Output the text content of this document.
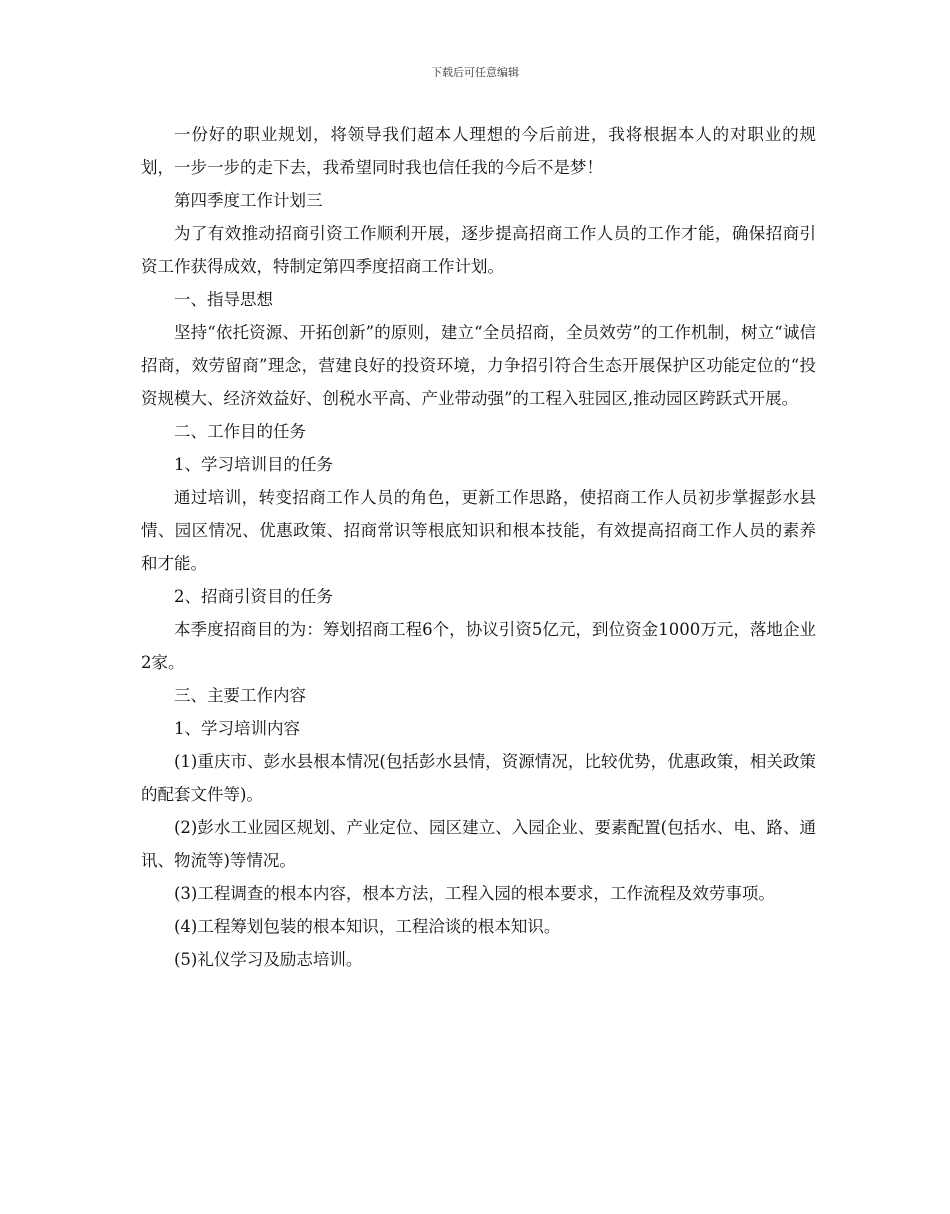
下载后可任意编辑

一份好的职业规划，将领导我们超本人理想的今后前进，我将根据本人的对职业的规划，一步一步的走下去，我希望同时我也信任我的今后不是梦！

第四季度工作计划三

为了有效推动招商引资工作顺利开展，逐步提高招商工作人员的工作才能，确保招商引资工作获得成效，特制定第四季度招商工作计划。

一、指导思想

坚持“依托资源、开拓创新”的原则，建立“全员招商，全员效劳”的工作机制，树立“诚信招商，效劳留商”理念，营建良好的投资环境，力争招引符合生态开展保护区功能定位的“投资规模大、经济效益好、创税水平高、产业带动强”的工程入驻园区,推动园区跨跃式开展。

二、工作目的任务

1、学习培训目的任务

通过培训，转变招商工作人员的角色，更新工作思路，使招商工作人员初步掌握彭水县情、园区情况、优惠政策、招商常识等根底知识和根本技能，有效提高招商工作人员的素养和才能。

2、招商引资目的任务

本季度招商目的为：筹划招商工程6个，协议引资5亿元，到位资金1000万元，落地企业2家。

三、主要工作内容

1、学习培训内容

(1)重庆市、彭水县根本情况(包括彭水县情，资源情况，比较优势，优惠政策，相关政策的配套文件等)。

(2)彭水工业园区规划、产业定位、园区建立、入园企业、要素配置(包括水、电、路、通讯、物流等)等情况。

(3)工程调查的根本内容，根本方法，工程入园的根本要求，工作流程及效劳事项。

(4)工程筹划包装的根本知识，工程洽谈的根本知识。

(5)礼仪学习及励志培训。
